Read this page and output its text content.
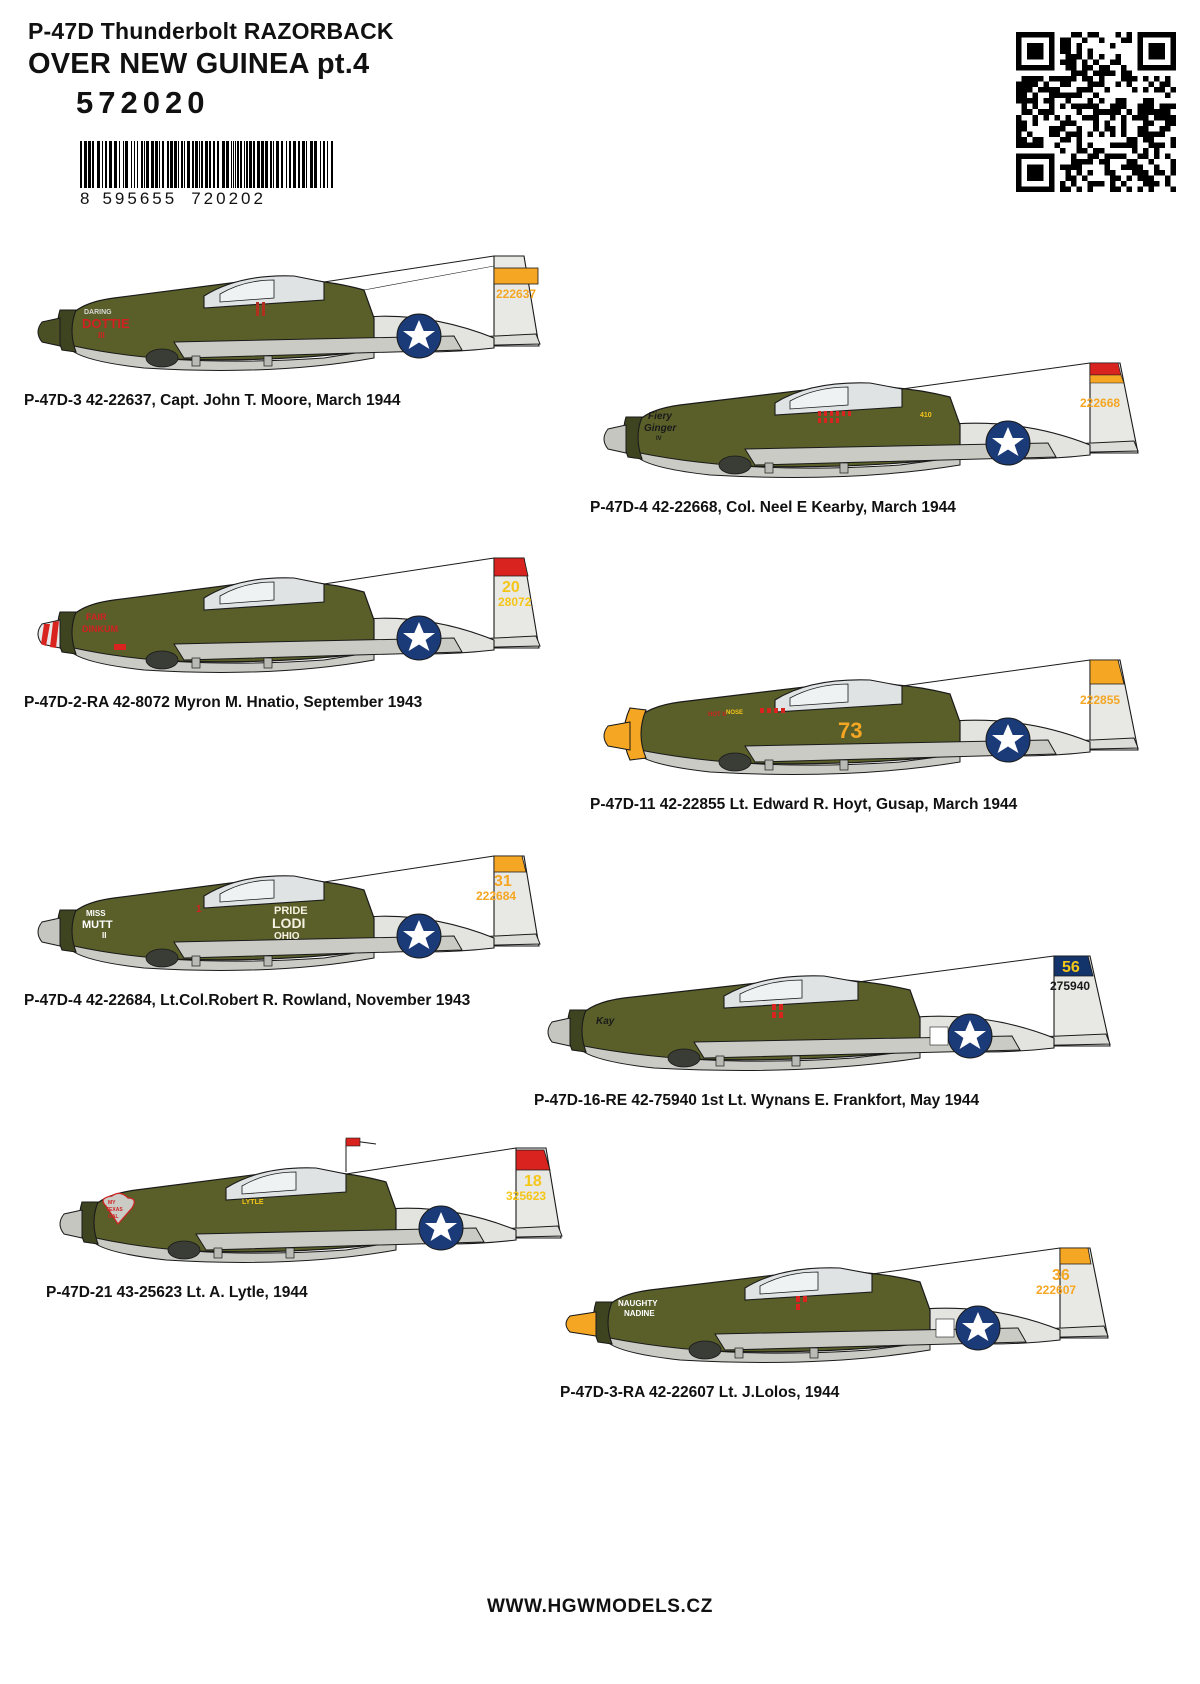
P-47D Thunderbolt RAZORBACK
OVER NEW GUINEA pt.4
572020
8 595655 720202
38
222637
DARING
DOTTIE
III
P-47D-3 42-22637, Capt. John T. Moore, March 1944
20
28072
FAIR
DINKUM
P-47D-2-RA 42-8072 Myron M. Hnatio, September 1943
31
222684
MISS
MUTT
II
PRIDE
LODI
OHIO
1
P-47D-4 42-22684, Lt.Col.Robert R. Rowland, November 1943
18
325623
MY
TEXAS
GAL
LYTLE
P-47D-21 43-25623 Lt. A. Lytle, 1944
222668
Fiery
Ginger
IV
410
P-47D-4 42-22668, Col. Neel E Kearby, March 1944
222855
73
HOT ti NOSE
P-47D-11 42-22855 Lt. Edward R. Hoyt, Gusap, March 1944
56
275940
Kay
P-47D-16-RE 42-75940 1st Lt. Wynans E. Frankfort, May 1944
36
222607
NAUGHTY
NADINE
P-47D-3-RA 42-22607 Lt. J.Lolos, 1944
WWW.HGWMODELS.CZ
